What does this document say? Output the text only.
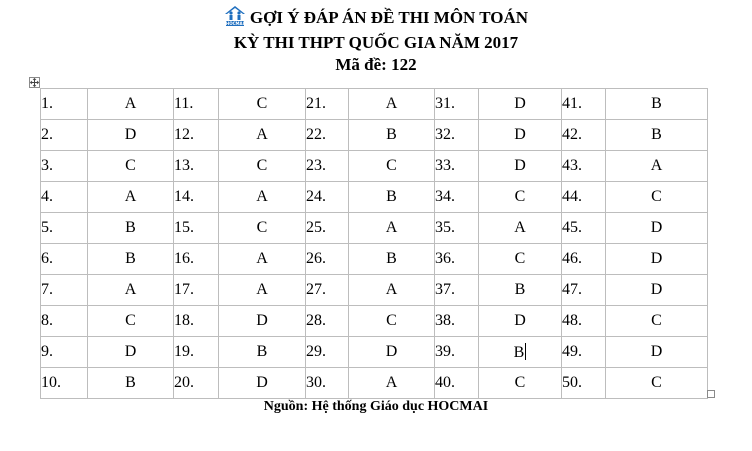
HOCMAI GỢI Ý ĐÁP ÁN ĐỀ THI MÔN TOÁN
KỲ THI THPT QUỐC GIA NĂM 2017
Mã đề: 122
1.	A	11.	C	21.	A	31.	D	41.	B
2.	D	12.	A	22.	B	32.	D	42.	B
3.	C	13.	C	23.	C	33.	D	43.	A
4.	A	14.	A	24.	B	34.	C	44.	C
5.	B	15.	C	25.	A	35.	A	45.	D
6.	B	16.	A	26.	B	36.	C	46.	D
7.	A	17.	A	27.	A	37.	B	47.	D
8.	C	18.	D	28.	C	38.	D	48.	C
9.	D	19.	B	29.	D	39.	B	49.	D
10.	B	20.	D	30.	A	40.	C	50.	C
Nguồn: Hệ thống Giáo dục HOCMAI
